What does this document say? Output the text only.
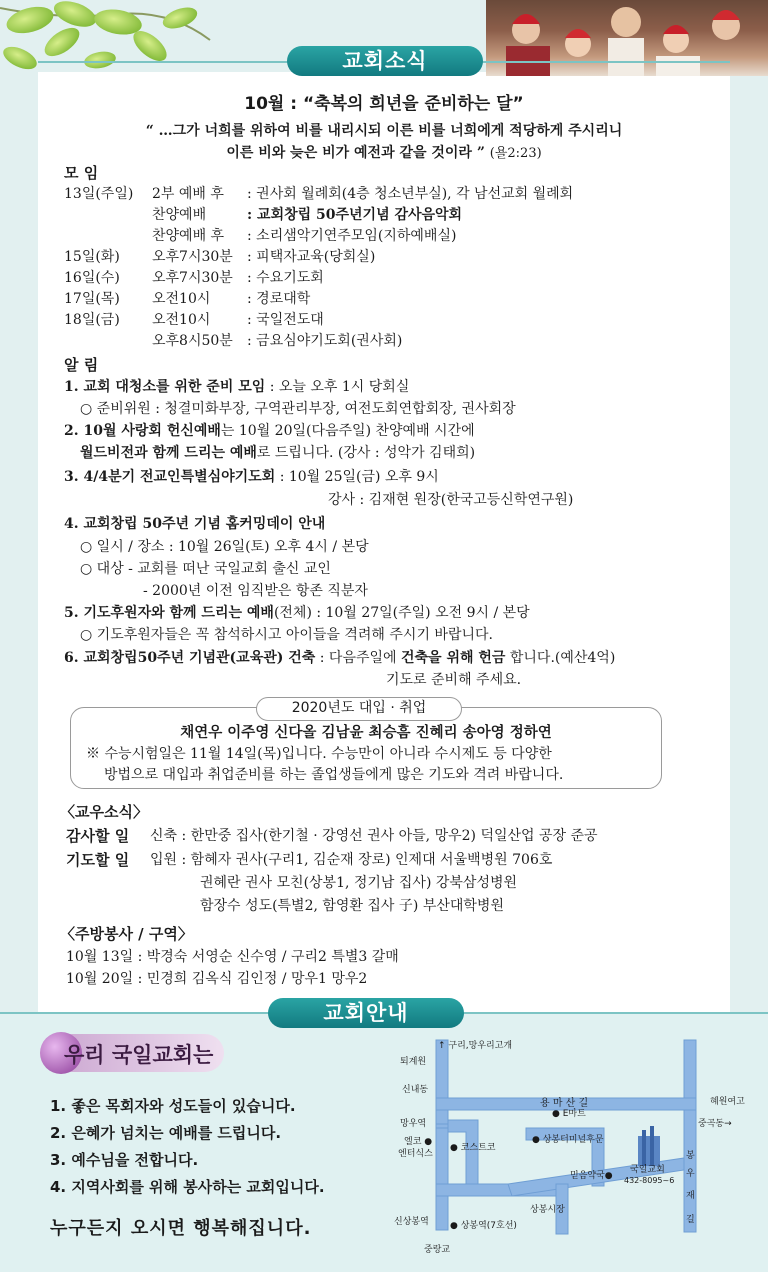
교회소식
10월 : “축복의 희년을 준비하는 달”
“ …그가 너희를 위하여 비를 내리시되 이른 비를 너희에게 적당하게 주시리니
이른 비와 늦은 비가 예전과 같을 것이라 ” (욜2:23)
모 임
13일(주일) 2부 예배 후 : 권사회 월례회(4층 청소년부실), 각 남선교회 월례회
찬양예배	: 교회창립 50주년기념 감사음악회
찬양예배 후 : 소리샘악기연주모임(지하예배실)
15일(화) 오후7시30분 : 피택자교육(당회실)
16일(수) 오후7시30분 : 수요기도회
17일(목) 오전10시	: 경로대학
18일(금) 오전10시	: 국일전도대
오후8시50분 : 금요심야기도회(권사회)
알 림
1. 교회 대청소를 위한 준비 모임 : 오늘 오후 1시 당회실
○ 준비위원 : 청결미화부장, 구역관리부장, 여전도회연합회장, 권사회장
2. 10월 사랑회 헌신예배는 10월 20일(다음주일) 찬양예배 시간에
월드비전과 함께 드리는 예배로 드립니다. (강사 : 성악가 김태희)
3. 4/4분기 전교인특별심야기도회 : 10월 25일(금) 오후 9시
강사 : 김재현 원장(한국고등신학연구원)
4. 교회창립 50주년 기념 홈커밍데이 안내
○ 일시 / 장소 : 10월 26일(토) 오후 4시 / 본당
○ 대상 - 교회를 떠난 국일교회 출신 교인
- 2000년 이전 임직받은 항존 직분자
5. 기도후원자와 함께 드리는 예배(전체) : 10월 27일(주일) 오전 9시 / 본당
○ 기도후원자들은 꼭 참석하시고 아이들을 격려해 주시기 바랍니다.
6. 교회창립50주년 기념관(교육관) 건축 : 다음주일에 건축을 위해 헌금 합니다.(예산4억)
기도로 준비해 주세요.
2020년도 대입 · 취업
채연우 이주영 신다올 김남윤 최승흠 진혜리 송아영 정하연
※ 수능시험일은 11월 14일(목)입니다. 수능만이 아니라 수시제도 등 다양한
방법으로 대입과 취업준비를 하는 졸업생들에게 많은 기도와 격려 바랍니다.
〈교우소식〉
감사할 일 신축 : 한만중 집사(한기철 · 강영선 권사 아들, 망우2) 덕일산업 공장 준공
기도할 일 입원 : 함혜자 권사(구리1, 김순재 장로) 인제대 서울백병원 706호
권혜란 권사 모친(상봉1, 정기남 집사) 강북삼성병원
함장수 성도(특별2, 함영환 집사 子) 부산대학병원
〈주방봉사 / 구역〉
10월 13일 : 박경숙 서영순 신수영 / 구리2 특별3 갈매
10월 20일 : 민경희 김옥식 김인정 / 망우1 망우2
교회안내
우리 국일교회는
1. 좋은 목회자와 성도들이 있습니다.
2. 은혜가 넘치는 예배를 드립니다.
3. 예수님을 전합니다.
4. 지역사회를 위해 봉사하는 교회입니다.
누구든지 오시면 행복해집니다.
↑ 구리,망우리고개
퇴계원
용 마 산 길
신내동
● E마트
혜원여고
망우역	중곡동→
엘코 ●
엔터식스
● 코스트코
● 상봉터미널후문
믿음약국●
국일교회
432-8095~6
봉
우
재
길
상봉시장
신상봉역 ● 상봉역(7호선)
중랑교
